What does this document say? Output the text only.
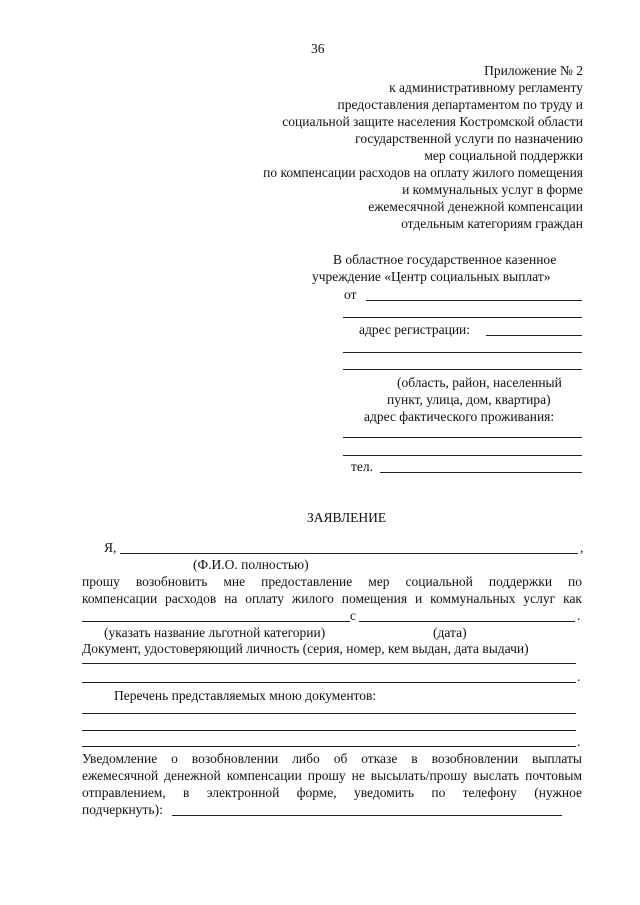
36
Приложение № 2
к административному регламенту
предоставления департаментом по труду и
социальной защите населения Костромской области
государственной услуги по назначению
мер социальной поддержки
по компенсации расходов на оплату жилого помещения
и коммунальных услуг в форме
ежемесячной денежной компенсации
отдельным категориям граждан
В областное государственное казенное
учреждение «Центр социальных выплат»
от
адрес регистрации:
(область, район, населенный
пункт, улица, дом, квартира)
адрес фактического проживания:
тел.
ЗАЯВЛЕНИЕ
Я,	,
(Ф.И.О. полностью)
прошу возобновить мне предоставление мер социальной поддержки по
компенсации расходов на оплату жилого помещения и коммунальных услуг как
с	.
(указать название льготной категории)	(дата)
Документ, удостоверяющий личность (серия, номер, кем выдан, дата выдачи)
.
Перечень представляемых мною документов:
.
Уведомление о возобновлении либо об отказе в возобновлении выплаты
ежемесячной денежной компенсации прошу не высылать/прошу выслать почтовым
отправлением, в электронной форме, уведомить по телефону (нужное
подчеркнуть):
